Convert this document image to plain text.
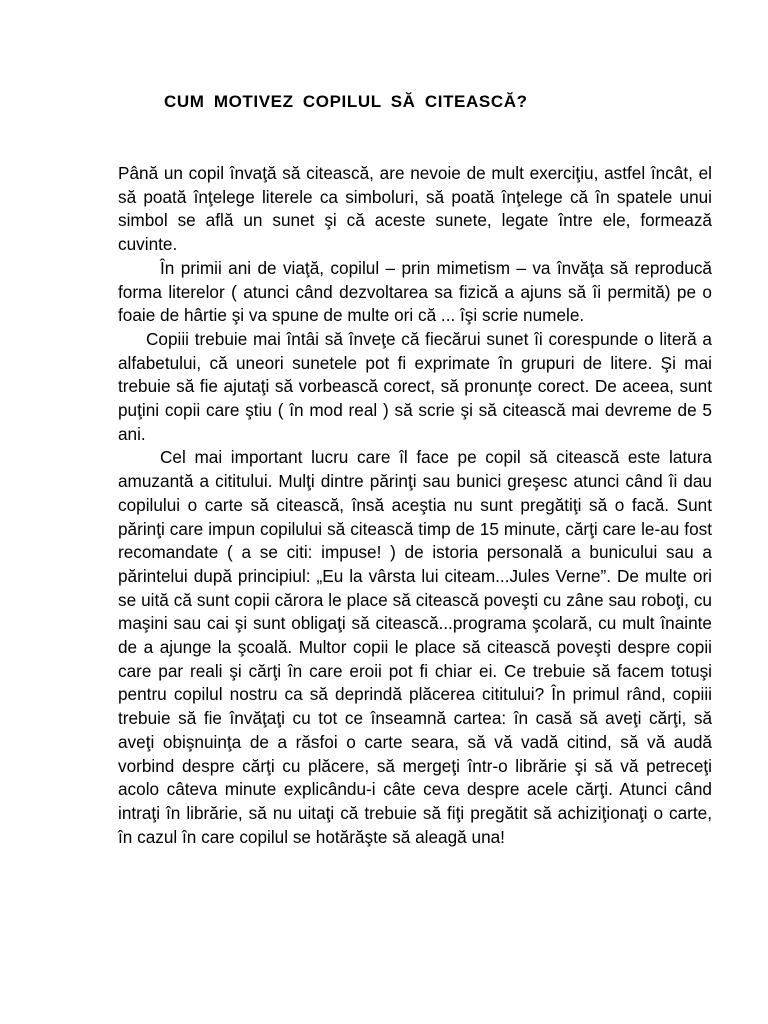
CUM MOTIVEZ COPILUL SĂ CITEASCĂ?

Până un copil învaţă să citească, are nevoie de mult exerciţiu, astfel încât, el să poată înţelege literele ca simboluri, să poată înţelege că în spatele unui simbol se află un sunet şi că aceste sunete, legate între ele, formează cuvinte.

În primii ani de viaţă, copilul – prin mimetism – va învăţa să reproducă forma literelor ( atunci când dezvoltarea sa fizică a ajuns să îi permită) pe o foaie de hârtie şi va spune de multe ori că ... îşi scrie numele.

Copiii trebuie mai întâi să înveţe că fiecărui sunet îi corespunde o literă a alfabetului, că uneori sunetele pot fi exprimate în grupuri de litere. Şi mai trebuie să fie ajutaţi să vorbească corect, să pronunţe corect. De aceea, sunt puţini copii care ştiu ( în mod real ) să scrie şi să citească mai devreme de 5 ani.

Cel mai important lucru care îl face pe copil să citească este latura amuzantă a cititului. Mulţi dintre părinţi sau bunici greşesc atunci când îi dau copilului o carte să citească, însă aceştia nu sunt pregătiţi să o facă. Sunt părinţi care impun copilului să citească timp de 15 minute, cărţi care le-au fost recomandate ( a se citi: impuse! ) de istoria personală a bunicului sau a părintelui după principiul: „Eu la vârsta lui citeam...Jules Verne”. De multe ori se uită că sunt copii cărora le place să citească poveşti cu zâne sau roboţi, cu maşini sau cai şi sunt obligaţi să citească...programa şcolară, cu mult înainte de a ajunge la şcoală. Multor copii le place să citească poveşti despre copii care par reali şi cărţi în care eroii pot fi chiar ei. Ce trebuie să facem totuşi pentru copilul nostru ca să deprindă plăcerea cititului? În primul rând, copiii trebuie să fie învăţaţi cu tot ce înseamnă cartea: în casă să aveţi cărţi, să aveţi obişnuinţa de a răsfoi o carte seara, să vă vadă citind, să vă audă vorbind despre cărţi cu plăcere, să mergeţi într-o librărie şi să vă petreceţi acolo câteva minute explicându-i câte ceva despre acele cărţi. Atunci când intraţi în librărie, să nu uitaţi că trebuie să fiţi pregătit să achiziţionaţi o carte, în cazul în care copilul se hotărăşte să aleagă una!
